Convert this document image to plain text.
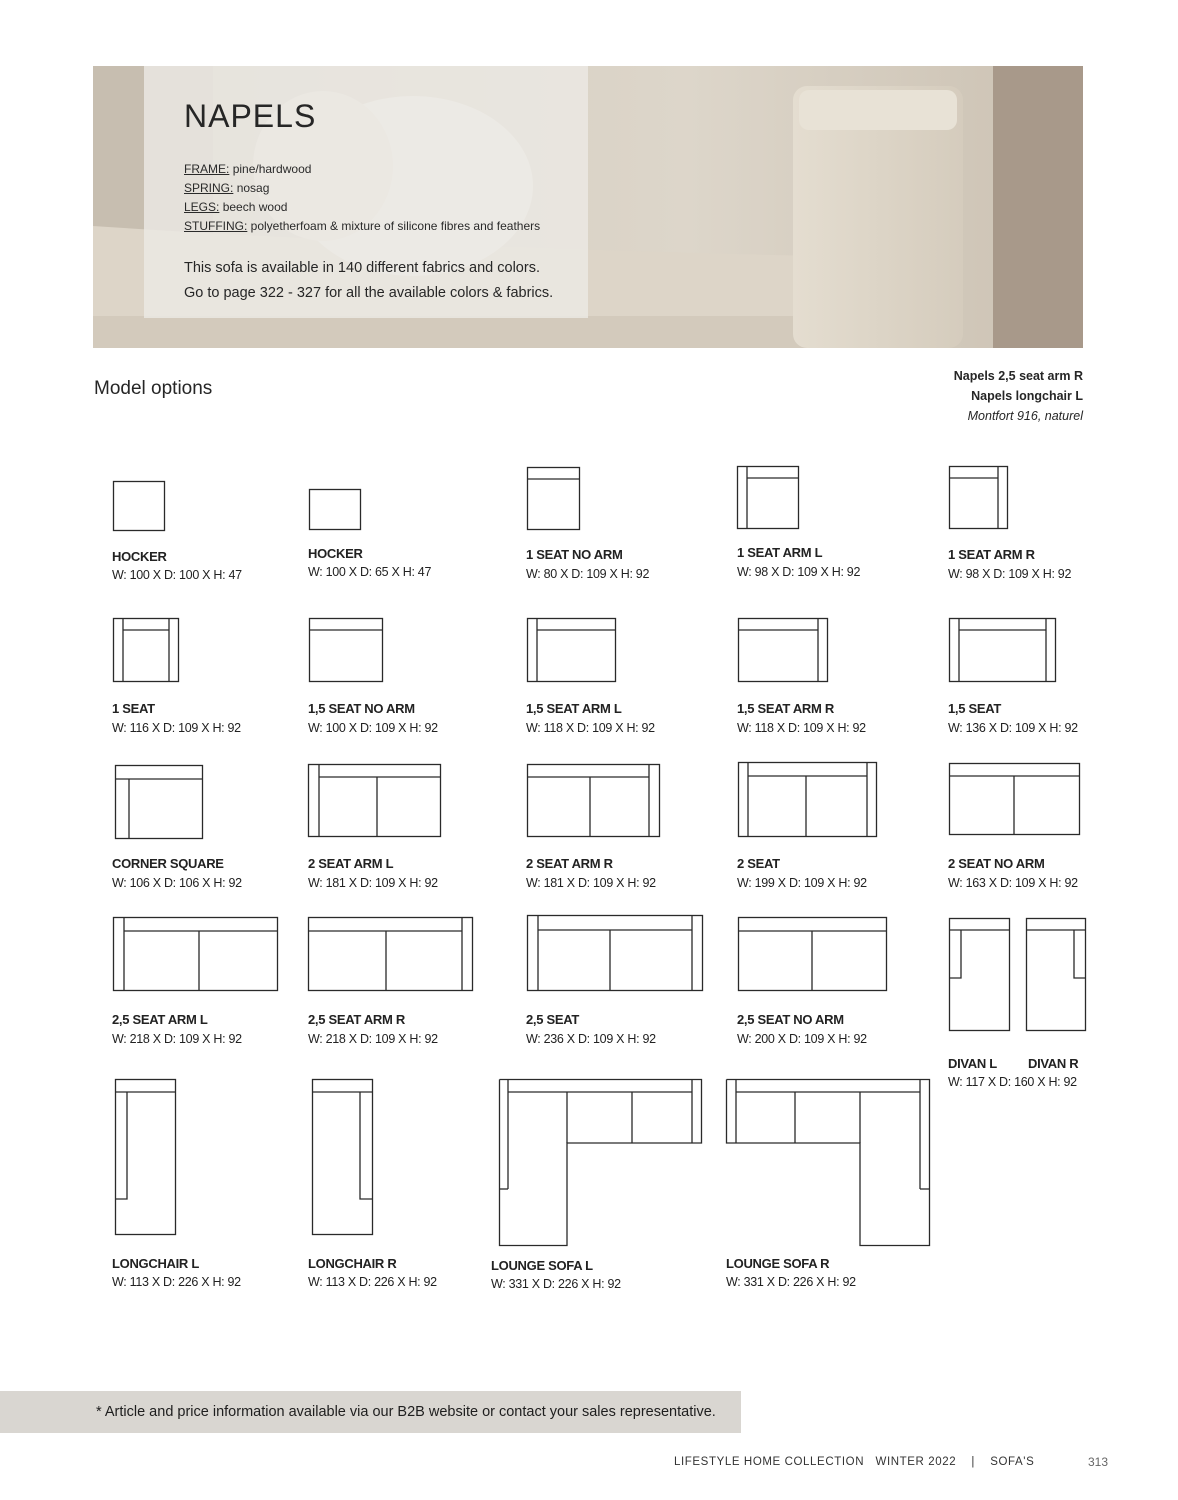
NAPELS
FRAME: pine/hardwood
SPRING: nosag
LEGS: beech wood
STUFFING: polyetherfoam & mixture of silicone fibres and feathers
This sofa is available in 140 different fabrics and colors.
Go to page 322 - 327 for all the available colors & fabrics.
Model options
Napels 2,5 seat arm R
Napels longchair L
Montfort 916, naturel
HOCKER
W: 100 X D: 100 X H: 47
HOCKER
W: 100 X D: 65 X H: 47
1 SEAT NO ARM
W: 80 X D: 109 X H: 92
1 SEAT ARM L
W: 98 X D: 109 X H: 92
1 SEAT ARM R
W: 98 X D: 109 X H: 92
1 SEAT
W: 116 X D: 109 X H: 92
1,5 SEAT NO ARM
W: 100 X D: 109 X H: 92
1,5 SEAT ARM L
W: 118 X D: 109 X H: 92
1,5 SEAT ARM R
W: 118 X D: 109 X H: 92
1,5 SEAT
W: 136 X D: 109 X H: 92
CORNER SQUARE
W: 106 X D: 106 X H: 92
2 SEAT ARM L
W: 181 X D: 109 X H: 92
2 SEAT ARM R
W: 181 X D: 109 X H: 92
2 SEAT
W: 199 X D: 109 X H: 92
2 SEAT NO ARM
W: 163 X D: 109 X H: 92
2,5 SEAT ARM L
W: 218 X D: 109 X H: 92
2,5 SEAT ARM R
W: 218 X D: 109 X H: 92
2,5 SEAT
W: 236 X D: 109 X H: 92
2,5 SEAT NO ARM
W: 200 X D: 109 X H: 92
DIVAN L DIVAN R
W: 117 X D: 160 X H: 92
LONGCHAIR L
W: 113 X D: 226 X H: 92
LONGCHAIR R
W: 113 X D: 226 X H: 92
LOUNGE SOFA L
W: 331 X D: 226 X H: 92
LOUNGE SOFA R
W: 331 X D: 226 X H: 92
* Article and price information available via our B2B website or contact your sales representative.
LIFESTYLE HOME COLLECTION WINTER 2022 | SOFA'S	313
